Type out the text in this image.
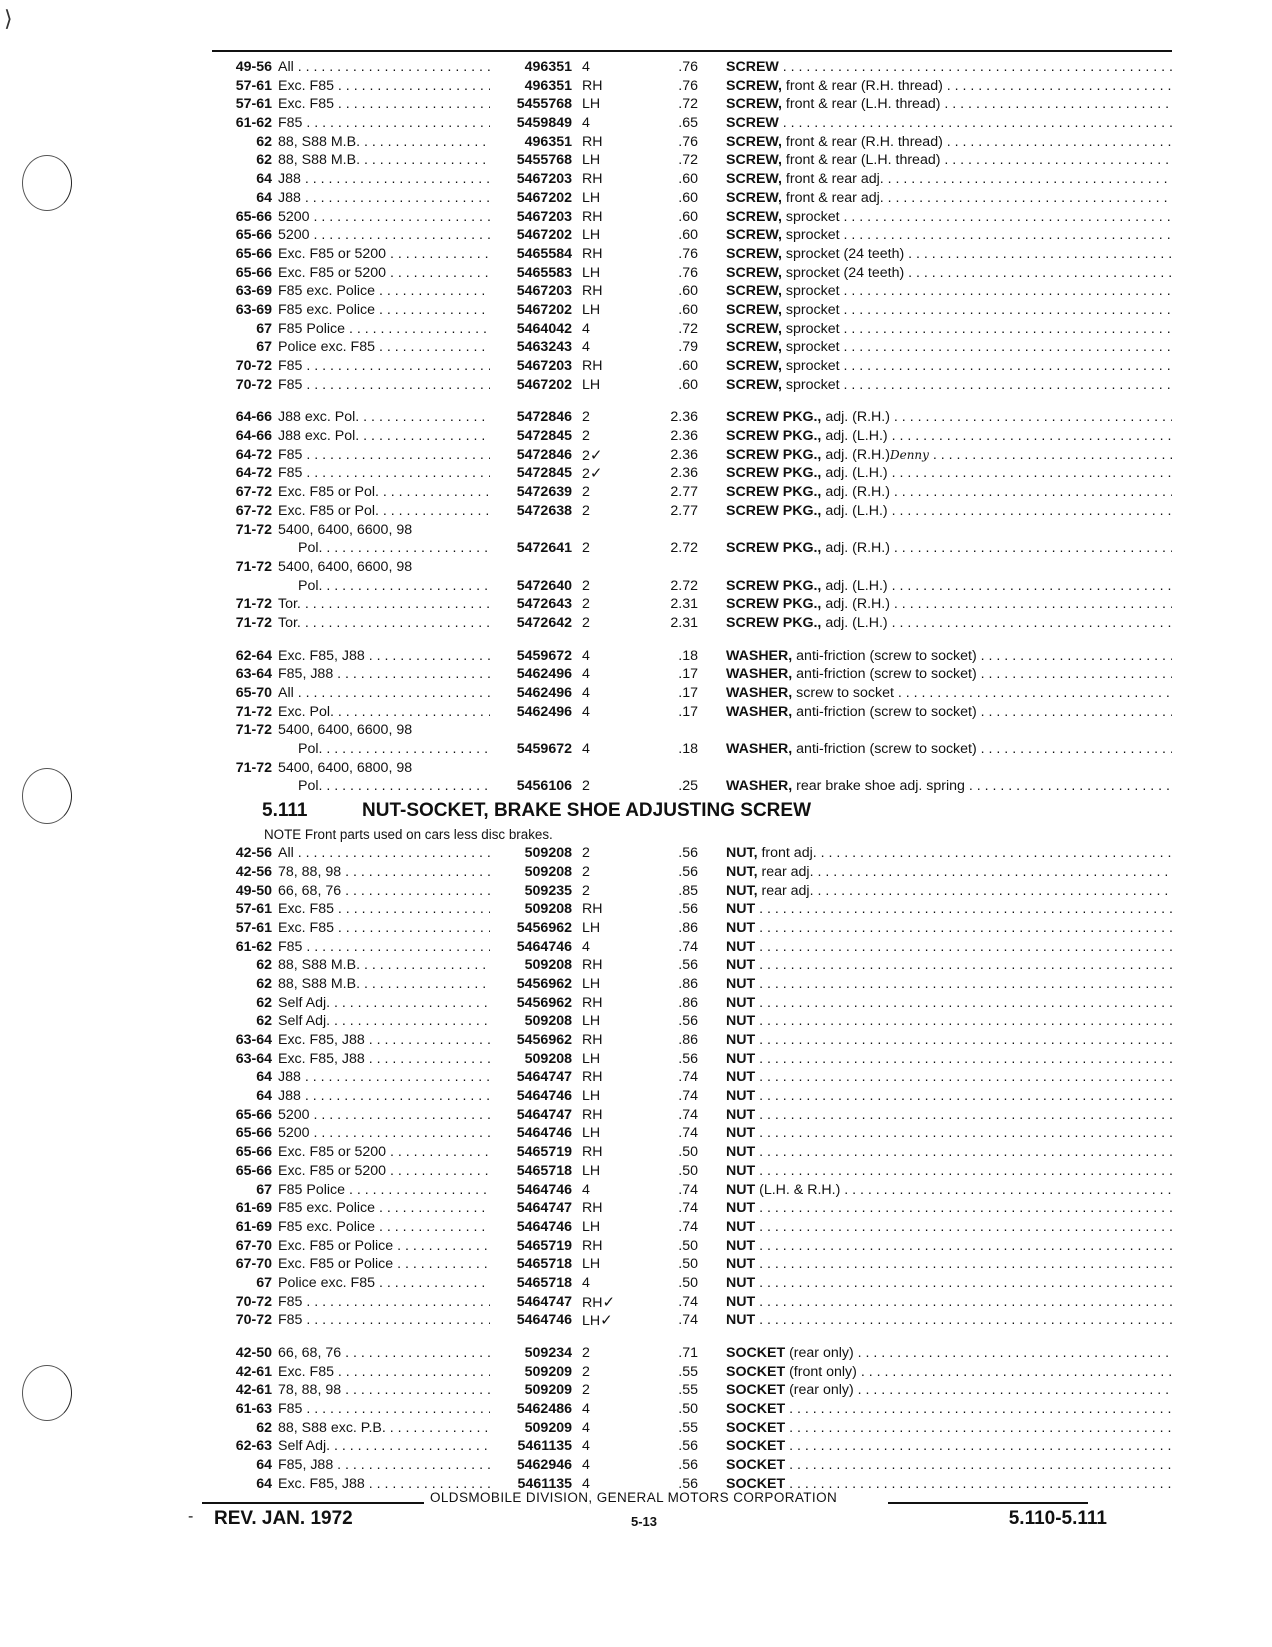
⟩
49-56 All . . .	496351 4	.76 SCREW . . .
57-61 Exc. F85 . . .	496351 RH	.76 SCREW, front & rear (R.H. thread) . . .
57-61 Exc. F85 . . .	5455768 LH	.72 SCREW, front & rear (L.H. thread) . . .
61-62 F85 . . .	5459849 4	.65 SCREW . . .
62 88, S88 M.B. . . .	496351 RH	.76 SCREW, front & rear (R.H. thread) . . .
62 88, S88 M.B. . . .	5455768 LH	.72 SCREW, front & rear (L.H. thread) . . .
64 J88 . . .	5467203 RH	.60 SCREW, front & rear adj. . . .
64 J88 . . .	5467202 LH	.60 SCREW, front & rear adj. . . .
65-66 5200 . . .	5467203 RH	.60 SCREW, sprocket . . .
65-66 5200 . . .	5467202 LH	.60 SCREW, sprocket . . .
65-66 Exc. F85 or 5200 . . .	5465584 RH	.76 SCREW, sprocket (24 teeth) . . .
65-66 Exc. F85 or 5200 . . .	5465583 LH	.76 SCREW, sprocket (24 teeth) . . .
63-69 F85 exc. Police . . .	5467203 RH	.60 SCREW, sprocket . . .
63-69 F85 exc. Police . . .	5467202 LH	.60 SCREW, sprocket . . .
67 F85 Police . . .	5464042 4	.72 SCREW, sprocket . . .
67 Police exc. F85 . . .	5463243 4	.79 SCREW, sprocket . . .
70-72 F85 . . .	5467203 RH	.60 SCREW, sprocket . . .
70-72 F85 . . .	5467202 LH	.60 SCREW, sprocket . . .
64-66 J88 exc. Pol. . . .	5472846 2	2.36 SCREW PKG., adj. (R.H.) . . .
64-66 J88 exc. Pol. . . .	5472845 2	2.36 SCREW PKG., adj. (L.H.) . . .
64-72 F85 . . .	5472846 2✓	2.36 SCREW PKG., adj. (R.H.)Denny . . .
64-72 F85 . . .	5472845 2✓	2.36 SCREW PKG., adj. (L.H.) . . .
67-72 Exc. F85 or Pol. . . .	5472639 2	2.77 SCREW PKG., adj. (R.H.) . . .
67-72 Exc. F85 or Pol. . . .	5472638 2	2.77 SCREW PKG., adj. (L.H.) . . .
71-72 5400, 6400, 6600, 98
Pol. . . .	5472641 2	2.72 SCREW PKG., adj. (R.H.) . . .
71-72 5400, 6400, 6600, 98
Pol. . . .	5472640 2	2.72 SCREW PKG., adj. (L.H.) . . .
71-72 Tor. . . .	5472643 2	2.31 SCREW PKG., adj. (R.H.) . . .
71-72 Tor. . . .	5472642 2	2.31 SCREW PKG., adj. (L.H.) . . .
62-64 Exc. F85, J88 . . .	5459672 4	.18 WASHER, anti-friction (screw to socket) . . .
63-64 F85, J88 . . .	5462496 4	.17 WASHER, anti-friction (screw to socket) . . .
65-70 All . . .	5462496 4	.17 WASHER, screw to socket . . .
71-72 Exc. Pol. . . .	5462496 4	.17 WASHER, anti-friction (screw to socket) . . .
71-72 5400, 6400, 6600, 98
Pol. . . .	5459672 4	.18 WASHER, anti-friction (screw to socket) . . .
71-72 5400, 6400, 6800, 98
Pol. . . .	5456106 2	.25 WASHER, rear brake shoe adj. spring . . .
5.111	NUT-SOCKET, BRAKE SHOE ADJUSTING SCREW
NOTE Front parts used on cars less disc brakes.
42-56 All . . .	509208 2	.56 NUT, front adj. . . .
42-56 78, 88, 98 . . .	509208 2	.56 NUT, rear adj. . . .
49-50 66, 68, 76 . . .	509235 2	.85 NUT, rear adj. . . .
57-61 Exc. F85 . . .	509208 RH	.56 NUT . . .
57-61 Exc. F85 . . .	5456962 LH	.86 NUT . . .
61-62 F85 . . .	5464746 4	.74 NUT . . .
62 88, S88 M.B. . . .	509208 RH	.56 NUT . . .
62 88, S88 M.B. . . .	5456962 LH	.86 NUT . . .
62 Self Adj. . . .	5456962 RH	.86 NUT . . .
62 Self Adj. . . .	509208 LH	.56 NUT . . .
63-64 Exc. F85, J88 . . .	5456962 RH	.86 NUT . . .
63-64 Exc. F85, J88 . . .	509208 LH	.56 NUT . . .
64 J88 . . .	5464747 RH	.74 NUT . . .
64 J88 . . .	5464746 LH	.74 NUT . . .
65-66 5200 . . .	5464747 RH	.74 NUT . . .
65-66 5200 . . .	5464746 LH	.74 NUT . . .
65-66 Exc. F85 or 5200 . . .	5465719 RH	.50 NUT . . .
65-66 Exc. F85 or 5200 . . .	5465718 LH	.50 NUT . . .
67 F85 Police . . .	5464746 4	.74 NUT (L.H. & R.H.) . . .
61-69 F85 exc. Police . . .	5464747 RH	.74 NUT . . .
61-69 F85 exc. Police . . .	5464746 LH	.74 NUT . . .
67-70 Exc. F85 or Police . . .	5465719 RH	.50 NUT . . .
67-70 Exc. F85 or Police . . .	5465718 LH	.50 NUT . . .
67 Police exc. F85 . . .	5465718 4	.50 NUT . . .
70-72 F85 . . .	5464747 RH✓	.74 NUT . . .
70-72 F85 . . .	5464746 LH✓	.74 NUT . . .
42-50 66, 68, 76 . . .	509234 2	.71 SOCKET (rear only) . . .
42-61 Exc. F85 . . .	509209 2	.55 SOCKET (front only) . . .
42-61 78, 88, 98 . . .	509209 2	.55 SOCKET (rear only) . . .
61-63 F85 . . .	5462486 4	.50 SOCKET . . .
62 88, S88 exc. P.B. . . .	509209 4	.55 SOCKET . . .
62-63 Self Adj. . . .	5461135 4	.56 SOCKET . . .
64 F85, J88 . . .	5462946 4	.56 SOCKET . . .
64 Exc. F85, J88 . . .	5461135 4	.56 SOCKET . . .
OLDSMOBILE DIVISION, GENERAL MOTORS CORPORATION
- REV. JAN. 1972	5-13	5.110-5.111
